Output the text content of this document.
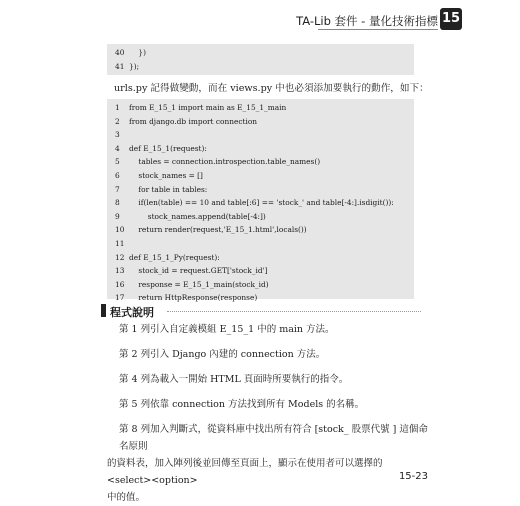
TA-Lib 套件 - 量化技術指標 15
40 })
41 });
urls.py 記得做變動，而在 views.py 中也必須添加要執行的動作，如下：
1	from E_15_1 import main as E_15_1_main
2	from django.db import connection
3
4	def E_15_1(request):
5	tables = connection.introspection.table_names()
6	stock_names = []
7	for table in tables:
8	if(len(table) == 10 and table[:6] == 'stock_' and table[-4:].isdigit()):
9	stock_names.append(table[-4:])
10 return render(request,'E_15_1.html',locals())
11
12 def E_15_1_Py(request):
13 stock_id = request.GET['stock_id']
16 response = E_15_1_main(stock_id)
17 return HttpResponse(response)
程式說明
第 1 列引入自定義模組 E_15_1 中的 main 方法。
第 2 列引入 Django 內建的 connection 方法。
第 4 列為載入一開始 HTML 頁面時所要執行的指令。
第 5 列依靠 connection 方法找到所有 Models 的名稱。
第 8 列加入判斷式，從資料庫中找出所有符合 [stock_ 股票代號 ] 這個命名原則
的資料表，加入陣列後並回傳至頁面上，顯示在使用者可以選擇的 <select><option>
中的值。
15-23
